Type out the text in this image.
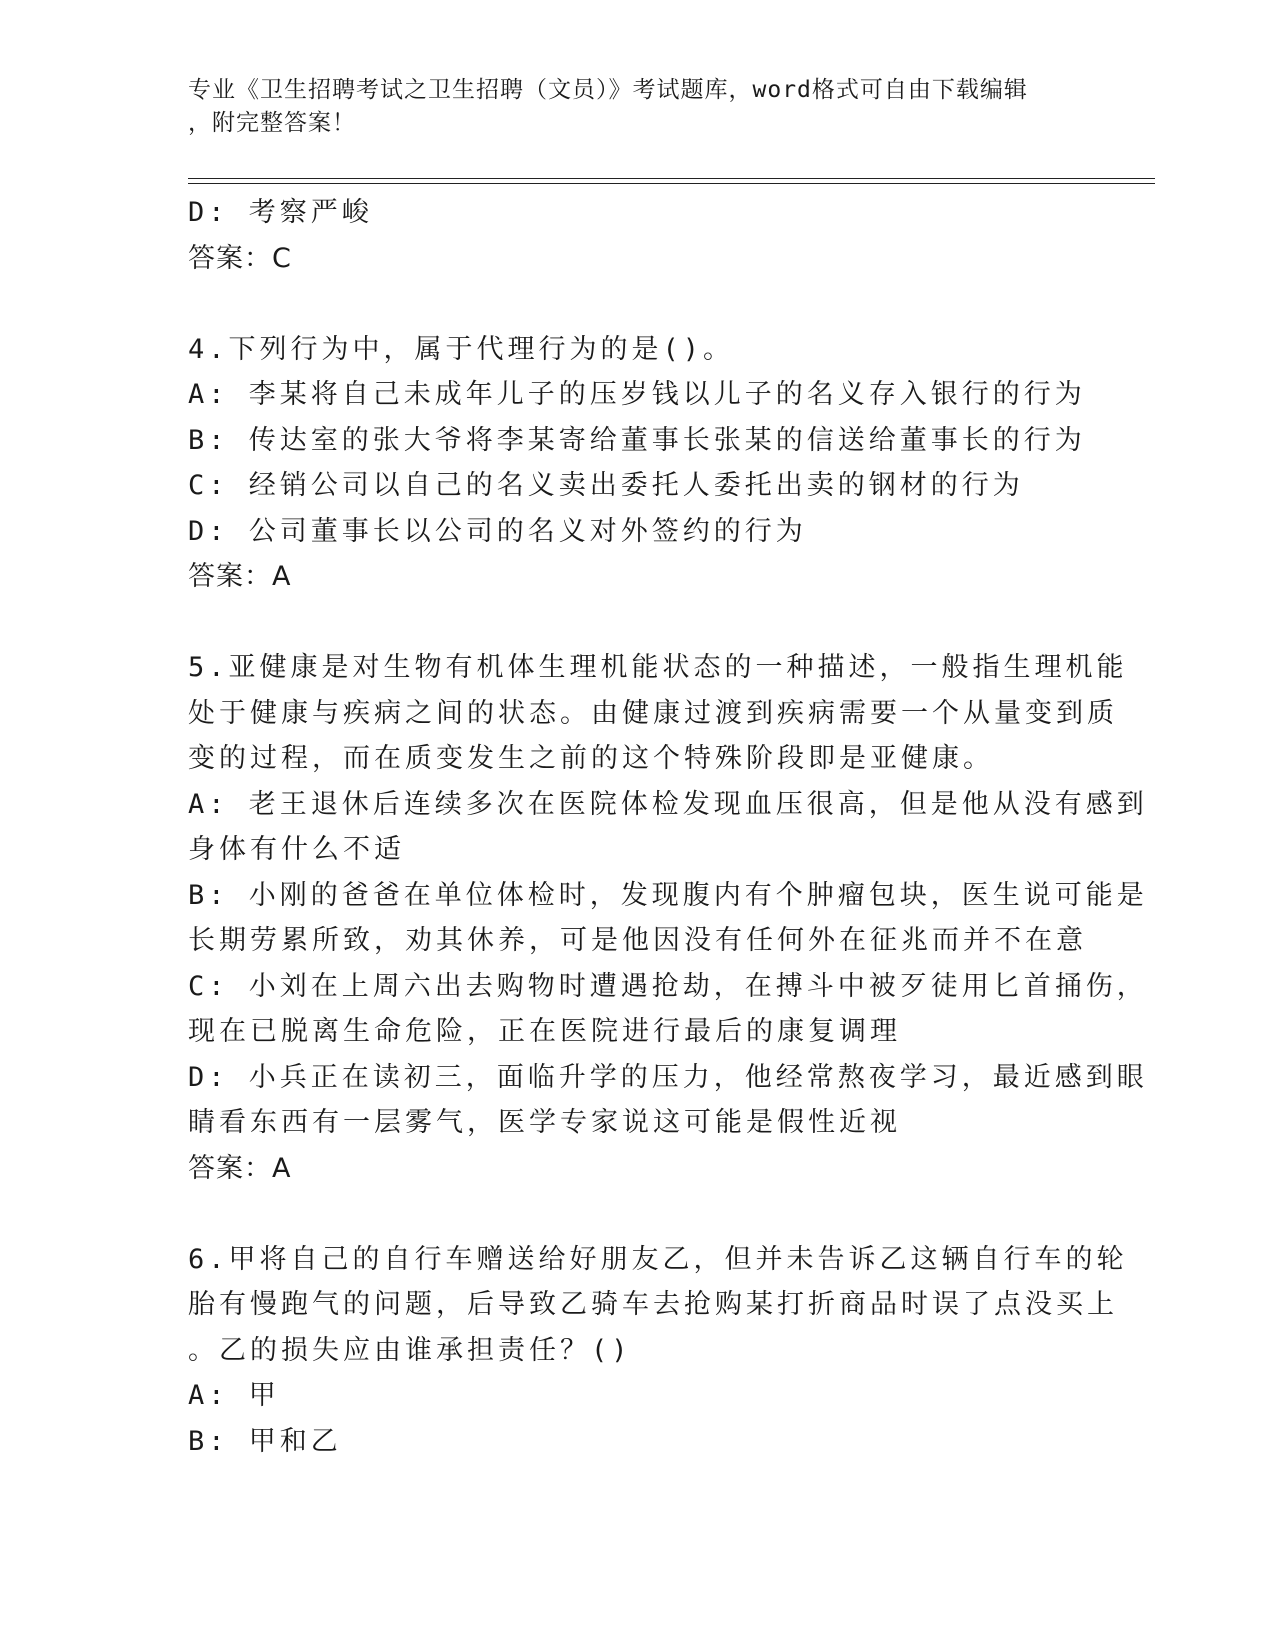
专业《卫生招聘考试之卫生招聘（文员）》考试题库，word格式可自由下载编辑
，附完整答案！
D: 考察严峻
答案：C
4.下列行为中，属于代理行为的是()。
A: 李某将自己未成年儿子的压岁钱以儿子的名义存入银行的行为
B: 传达室的张大爷将李某寄给董事长张某的信送给董事长的行为
C: 经销公司以自己的名义卖出委托人委托出卖的钢材的行为
D: 公司董事长以公司的名义对外签约的行为
答案：A
5.亚健康是对生物有机体生理机能状态的一种描述，一般指生理机能
处于健康与疾病之间的状态。由健康过渡到疾病需要一个从量变到质
变的过程，而在质变发生之前的这个特殊阶段即是亚健康。
A: 老王退休后连续多次在医院体检发现血压很高，但是他从没有感到
身体有什么不适
B: 小刚的爸爸在单位体检时，发现腹内有个肿瘤包块，医生说可能是
长期劳累所致，劝其休养，可是他因没有任何外在征兆而并不在意
C: 小刘在上周六出去购物时遭遇抢劫，在搏斗中被歹徒用匕首捅伤，
现在已脱离生命危险，正在医院进行最后的康复调理
D: 小兵正在读初三，面临升学的压力，他经常熬夜学习，最近感到眼
睛看东西有一层雾气，医学专家说这可能是假性近视
答案：A
6.甲将自己的自行车赠送给好朋友乙，但并未告诉乙这辆自行车的轮
胎有慢跑气的问题，后导致乙骑车去抢购某打折商品时误了点没买上
。乙的损失应由谁承担责任？()
A: 甲
B: 甲和乙
